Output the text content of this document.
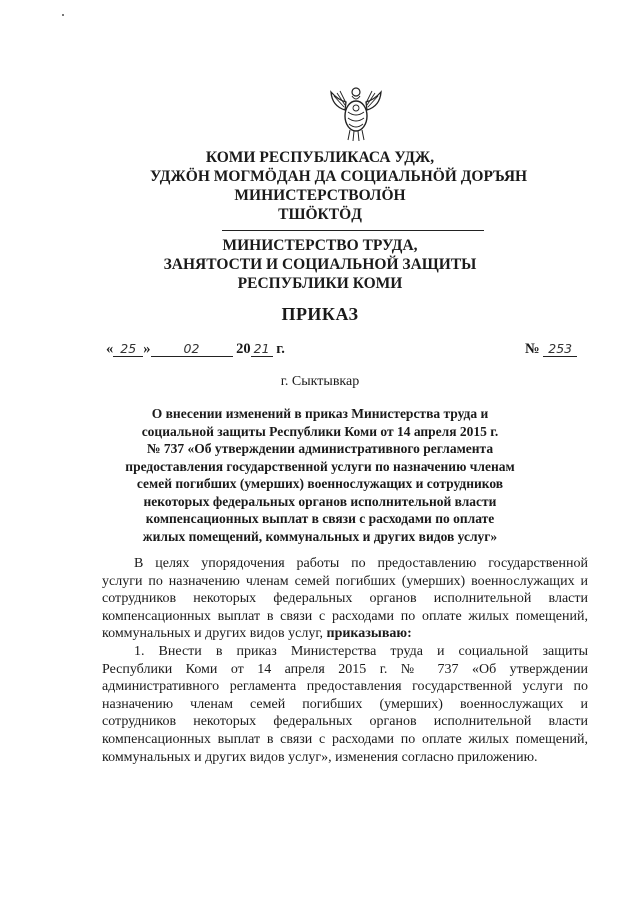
КОМИ РЕСПУБЛИКАСА УДЖ,
УДЖӦН МОГМӦДАН ДА СОЦИАЛЬНӦЙ ДОРЪЯН
МИНИСТЕРСТВОЛӦН
ТШӦКТӦД
МИНИСТЕРСТВО ТРУДА,
ЗАНЯТОСТИ И СОЦИАЛЬНОЙ ЗАЩИТЫ
РЕСПУБЛИКИ КОМИ
ПРИКАЗ
« 25 »	02	20 21 г.	№ 253
г. Сыктывкар
О внесении изменений в приказ Министерства труда и
социальной защиты Республики Коми от 14 апреля 2015 г.
№ 737 «Об утверждении административного регламента
предоставления государственной услуги по назначению членам
семей погибших (умерших) военнослужащих и сотрудников
некоторых федеральных органов исполнительной власти
компенсационных выплат в связи с расходами по оплате
жилых помещений, коммунальных и других видов услуг»
В целях упорядочения работы по предоставлению государственной
услуги по назначению членам семей погибших (умерших) военнослужащих и
сотрудников некоторых федеральных органов исполнительной власти
компенсационных выплат в связи с расходами по оплате жилых помещений,
коммунальных и других видов услуг, приказываю:
1. Внести в приказ Министерства труда и социальной защиты
Республики Коми от 14 апреля 2015 г. № 737 «Об утверждении
административного регламента предоставления государственной услуги по
назначению членам семей погибших (умерших) военнослужащих и
сотрудников некоторых федеральных органов исполнительной власти
компенсационных выплат в связи с расходами по оплате жилых помещений,
коммунальных и других видов услуг», изменения согласно приложению.
